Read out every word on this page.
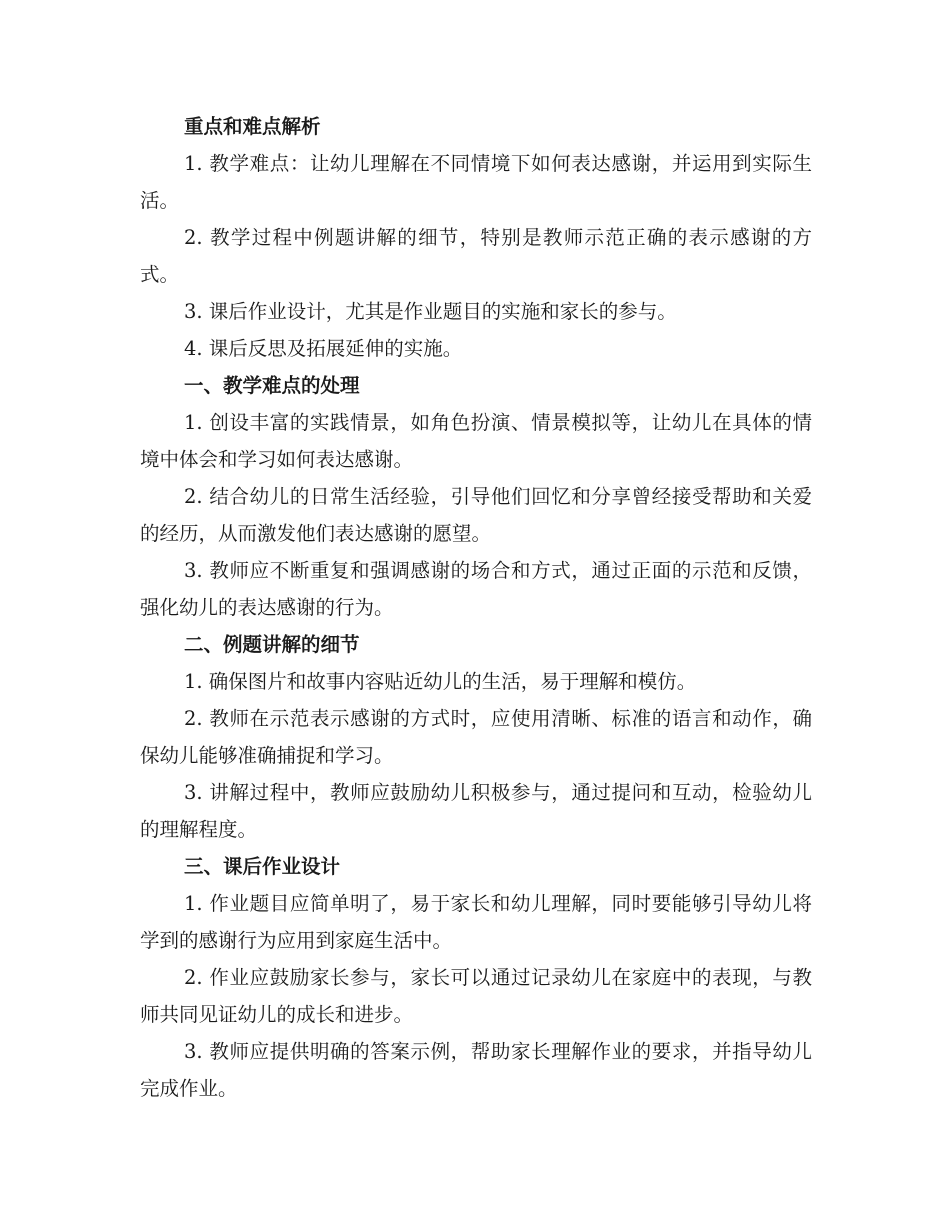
重点和难点解析

1. 教学难点：让幼儿理解在不同情境下如何表达感谢，并运用到实际生活。

2. 教学过程中例题讲解的细节，特别是教师示范正确的表示感谢的方式。

3. 课后作业设计，尤其是作业题目的实施和家长的参与。

4. 课后反思及拓展延伸的实施。

一、教学难点的处理

1. 创设丰富的实践情景，如角色扮演、情景模拟等，让幼儿在具体的情境中体会和学习如何表达感谢。

2. 结合幼儿的日常生活经验，引导他们回忆和分享曾经接受帮助和关爱的经历，从而激发他们表达感谢的愿望。

3. 教师应不断重复和强调感谢的场合和方式，通过正面的示范和反馈，强化幼儿的表达感谢的行为。

二、例题讲解的细节

1. 确保图片和故事内容贴近幼儿的生活，易于理解和模仿。

2. 教师在示范表示感谢的方式时，应使用清晰、标准的语言和动作，确保幼儿能够准确捕捉和学习。

3. 讲解过程中，教师应鼓励幼儿积极参与，通过提问和互动，检验幼儿的理解程度。

三、课后作业设计

1. 作业题目应简单明了，易于家长和幼儿理解，同时要能够引导幼儿将学到的感谢行为应用到家庭生活中。

2. 作业应鼓励家长参与，家长可以通过记录幼儿在家庭中的表现，与教师共同见证幼儿的成长和进步。

3. 教师应提供明确的答案示例，帮助家长理解作业的要求，并指导幼儿完成作业。
